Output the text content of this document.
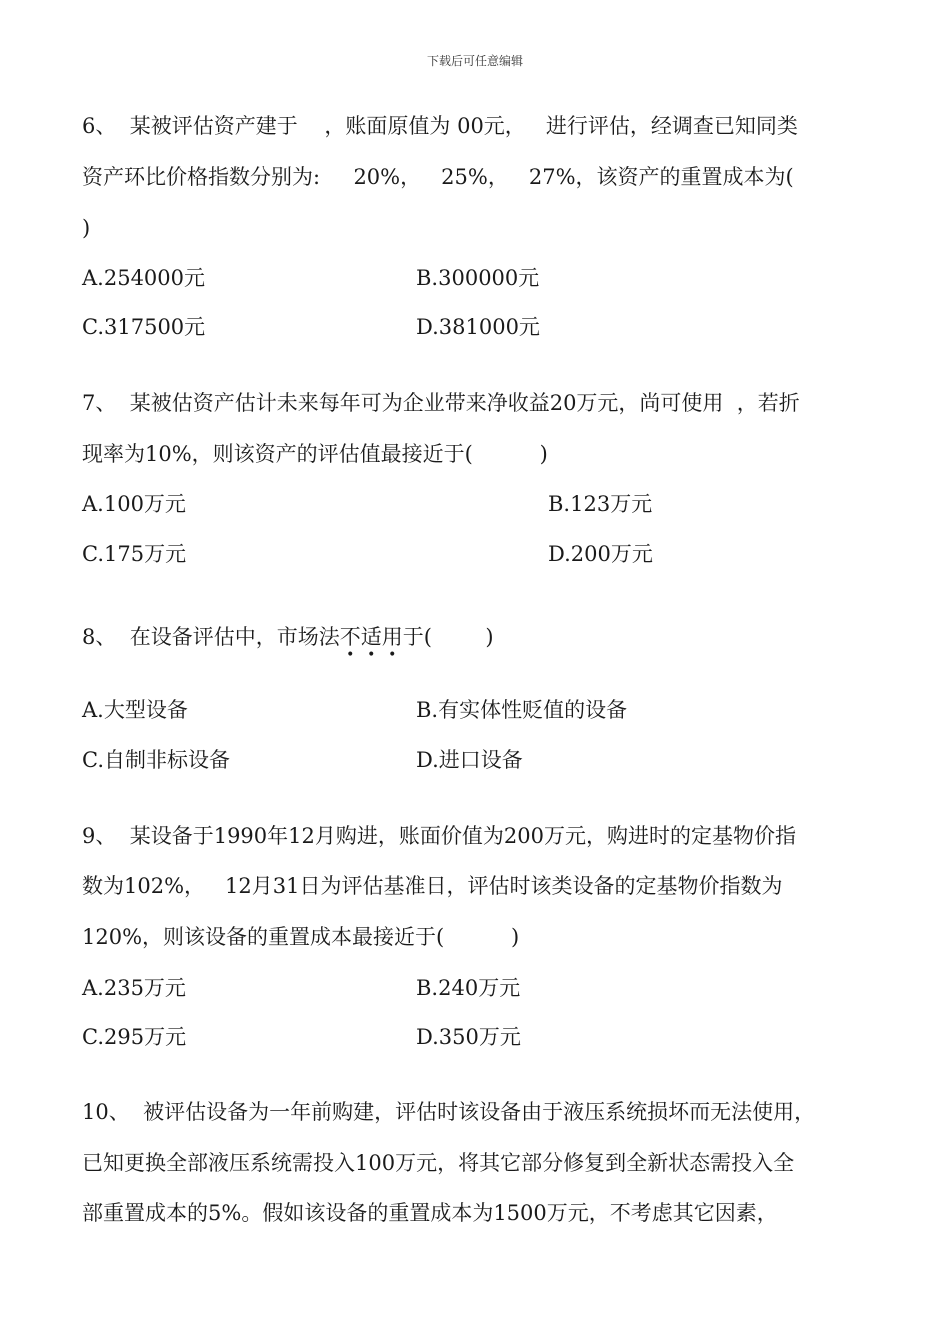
下载后可任意编辑
6、  某被评估资产建于    ，账面原值为 00元，   进行评估，经调查已知同类
资产环比价格指数分别为:     20%，   25%，   27%，该资产的重置成本为(
)
A.254000元	B.300000元
C.317500元	D.381000元
7、  某被估资产估计未来每年可为企业带来净收益20万元，尚可使用  ，若折
现率为10%，则该资产的评估值最接近于(          )
A.100万元	B.123万元
C.175万元	D.200万元
8、  在设备评估中，市场法不适用
• • •
于(        )
A.大型设备	B.有实体性贬值的设备
C.自制非标设备	D.进口设备
9、  某设备于1990年12月购进，账面价值为200万元，购进时的定基物价指
数为102%，   12月31日为评估基准日，评估时该类设备的定基物价指数为
120%，则该设备的重置成本最接近于(          )
A.235万元	B.240万元
C.295万元	D.350万元
10、  被评估设备为一年前购建，评估时该设备由于液压系统损坏而无法使用，
已知更换全部液压系统需投入100万元，将其它部分修复到全新状态需投入全
部重置成本的5%。假如该设备的重置成本为1500万元，不考虑其它因素，
